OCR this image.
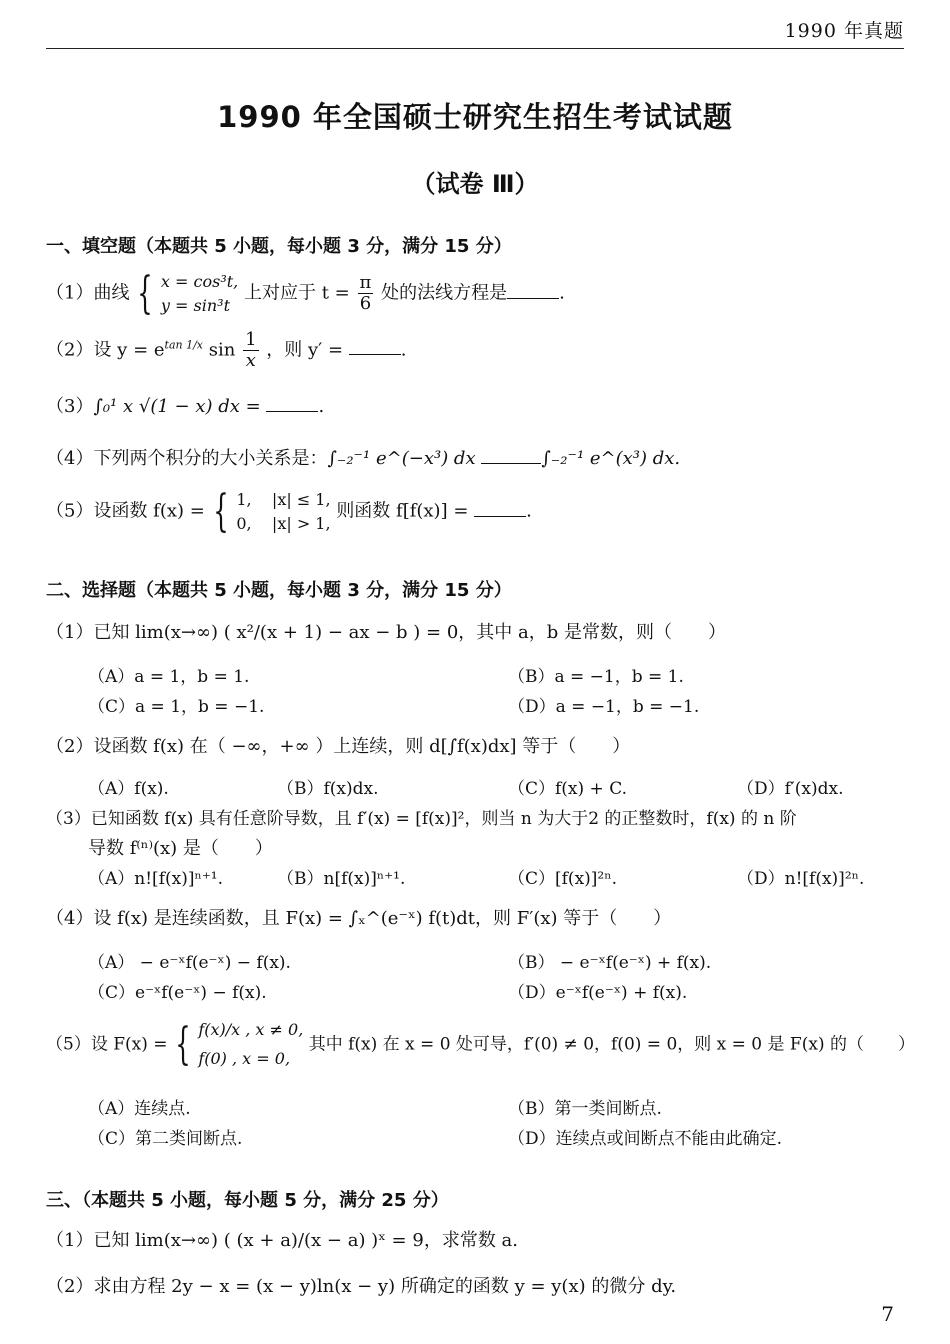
1990 年真题
1990 年全国硕士研究生招生考试试题
（试卷 Ⅲ）
一、填空题（本题共 5 小题，每小题 3 分，满分 15 分）
（1）曲线 { x = cos³t,
y = sin³t
上对应于 $t = \frac{\pi}{6}$ 处的法线方程是	.
（2）设 $y = e^{tan 1/x}$ $\sin \frac{1}{x}$ ，则 y′ =	.
（3）∫₀¹ x √(1 − x) dx =	.
（4）下列两个积分的大小关系是：∫₋₂⁻¹ e^(−x³) dx	∫₋₂⁻¹ e^(x³) dx.
（5）设函数 f(x) = { 1,    |x| ≤ 1,
0,    |x| > 1,
则函数 f[f(x)] =	.
二、选择题（本题共 5 小题，每小题 3 分，满分 15 分）
（1）已知 lim(x→∞) ( x²/(x + 1) − ax − b ) = 0，其中 a，b 是常数，则（　　）
（A）a = 1，b = 1.	（B）a = −1，b = 1.
（C）a = 1，b = −1.	（D）a = −1，b = −1.
（2）设函数 f(x) 在（ −∞，+∞ ）上连续，则 d[∫f(x)dx] 等于（　　）
（A）f(x).	（B）f(x)dx.	（C）f(x) + C.	（D）f′(x)dx.
（3）已知函数 f(x) 具有任意阶导数，且 f′(x) = [f(x)]²，则当 n 为大于2 的正整数时，f(x) 的 n 阶
导数 f⁽ⁿ⁾(x) 是（　　）
（A）n![f(x)]ⁿ⁺¹.	（B）n[f(x)]ⁿ⁺¹.	（C）[f(x)]²ⁿ.	（D）n![f(x)]²ⁿ.
（4）设 f(x) 是连续函数，且 F(x) = ∫ₓ^(e⁻ˣ) f(t)dt，则 F′(x) 等于（　　）
（A） − e⁻ˣf(e⁻ˣ) − f(x).	（B） − e⁻ˣf(e⁻ˣ) + f(x).
（C）e⁻ˣf(e⁻ˣ) − f(x).	（D）e⁻ˣf(e⁻ˣ) + f(x).
（5）设 F(x) = { f(x)/x , x ≠ 0,
f(0) , x = 0,
其中 f(x) 在 x = 0 处可导，f′(0) ≠ 0，f(0) = 0，则 x = 0 是 F(x) 的（　　）
（A）连续点.	（B）第一类间断点.
（C）第二类间断点.	（D）连续点或间断点不能由此确定.
三、（本题共 5 小题，每小题 5 分，满分 25 分）
（1）已知 lim(x→∞) ( (x + a)/(x − a) )ˣ = 9，求常数 a.
（2）求由方程 2y − x = (x − y)ln(x − y) 所确定的函数 y = y(x) 的微分 dy.
7
